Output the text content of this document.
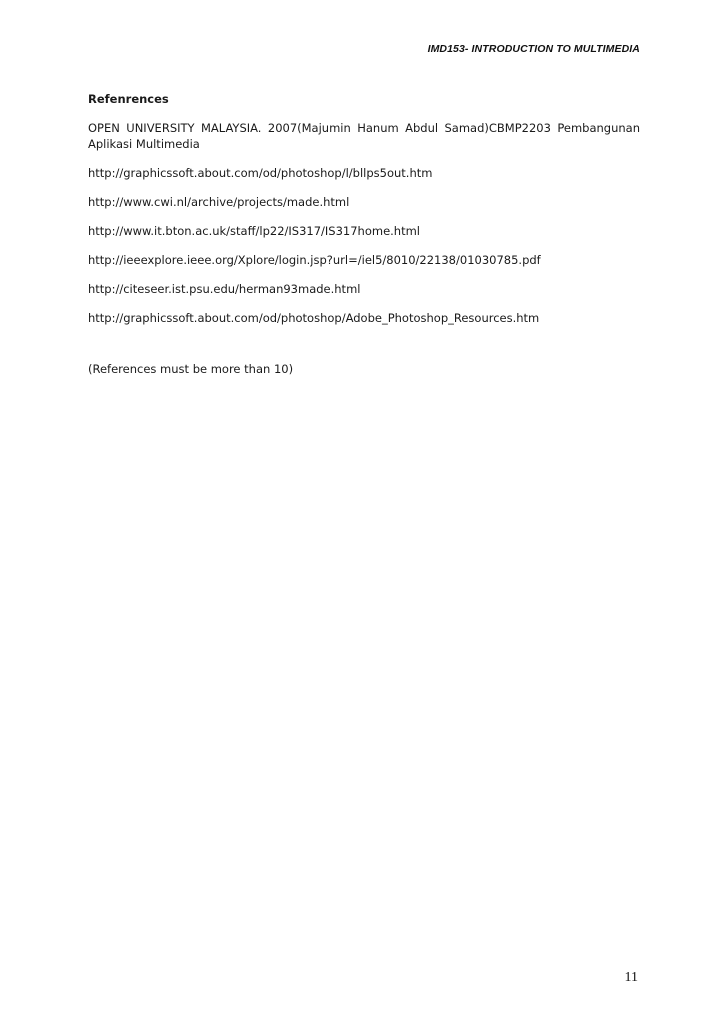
IMD153- INTRODUCTION TO MULTIMEDIA
Refenrences
OPEN UNIVERSITY MALAYSIA. 2007(Majumin Hanum Abdul Samad)CBMP2203 Pembangunan Aplikasi Multimedia
http://graphicssoft.about.com/od/photoshop/l/bllps5out.htm
http://www.cwi.nl/archive/projects/made.html
http://www.it.bton.ac.uk/staff/lp22/IS317/IS317home.html
http://ieeexplore.ieee.org/Xplore/login.jsp?url=/iel5/8010/22138/01030785.pdf
http://citeseer.ist.psu.edu/herman93made.html
http://graphicssoft.about.com/od/photoshop/Adobe_Photoshop_Resources.htm
(References must be more than 10)
11
